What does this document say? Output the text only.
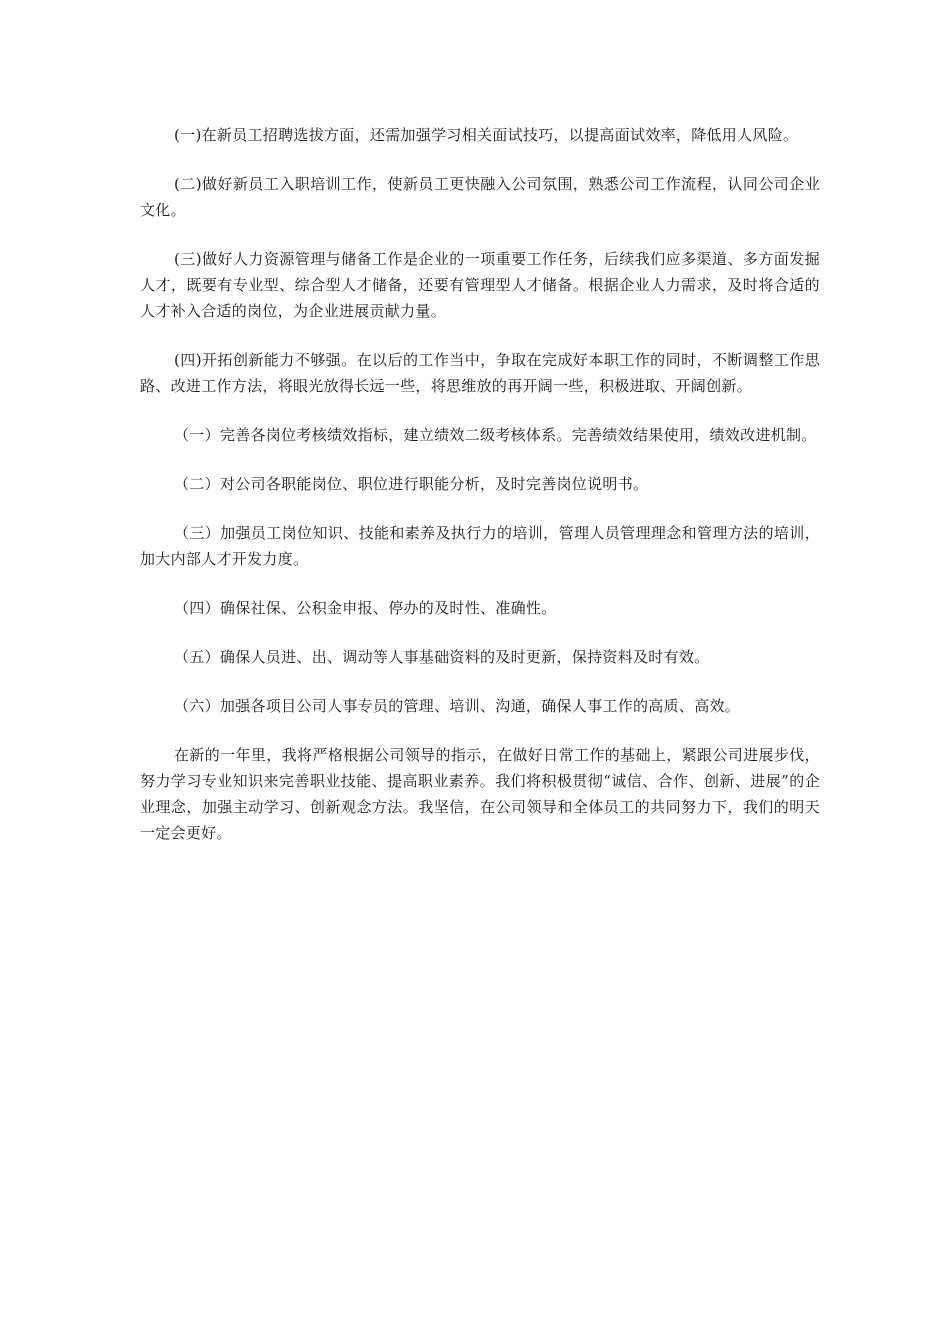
(一)在新员工招聘选拔方面，还需加强学习相关面试技巧，以提高面试效率，降低用人风险。

(二)做好新员工入职培训工作，使新员工更快融入公司氛围，熟悉公司工作流程，认同公司企业文化。

(三)做好人力资源管理与储备工作是企业的一项重要工作任务，后续我们应多渠道、多方面发掘人才，既要有专业型、综合型人才储备，还要有管理型人才储备。根据企业人力需求，及时将合适的人才补入合适的岗位，为企业进展贡献力量。

(四)开拓创新能力不够强。在以后的工作当中，争取在完成好本职工作的同时，不断调整工作思路、改进工作方法，将眼光放得长远一些，将思维放的再开阔一些，积极进取、开阔创新。

（一）完善各岗位考核绩效指标，建立绩效二级考核体系。完善绩效结果使用，绩效改进机制。

（二）对公司各职能岗位、职位进行职能分析，及时完善岗位说明书。

（三）加强员工岗位知识、技能和素养及执行力的培训，管理人员管理理念和管理方法的培训，加大内部人才开发力度。

（四）确保社保、公积金申报、停办的及时性、准确性。

（五）确保人员进、出、调动等人事基础资料的及时更新，保持资料及时有效。

（六）加强各项目公司人事专员的管理、培训、沟通，确保人事工作的高质、高效。

在新的一年里，我将严格根据公司领导的指示，在做好日常工作的基础上，紧跟公司进展步伐，努力学习专业知识来完善职业技能、提高职业素养。我们将积极贯彻“诚信、合作、创新、进展”的企业理念，加强主动学习、创新观念方法。我坚信，在公司领导和全体员工的共同努力下，我们的明天一定会更好。
